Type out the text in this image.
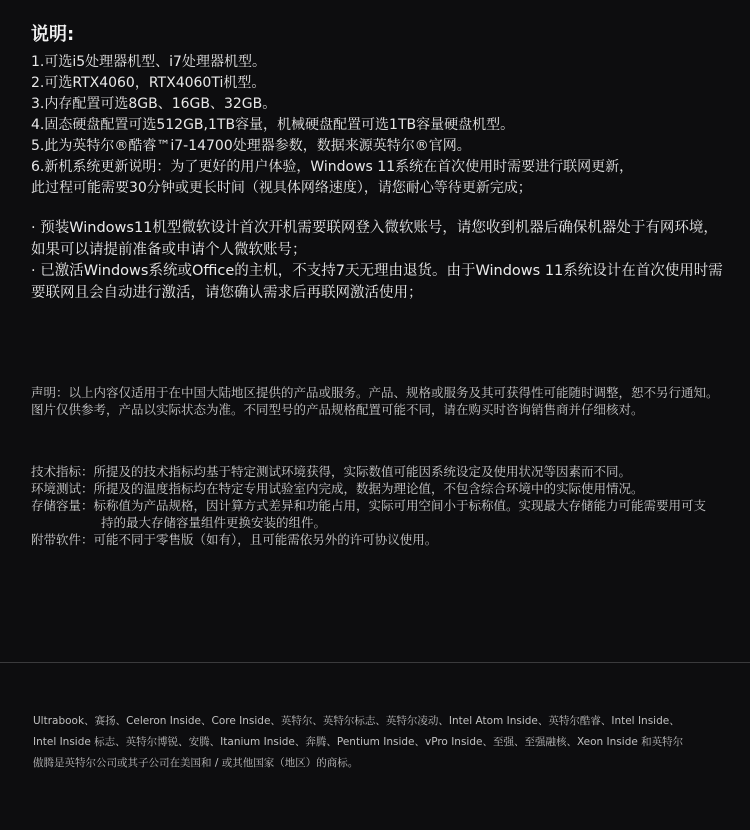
说明:
1.可选i5处理器机型、i7处理器机型。
2.可选RTX4060，RTX4060Ti机型。
3.内存配置可选8GB、16GB、32GB。
4.固态硬盘配置可选512GB,1TB容量，机械硬盘配置可选1TB容量硬盘机型。
5.此为英特尔®酷睿™i7-14700处理器参数，数据来源英特尔®官网。
6.新机系统更新说明：为了更好的用户体验，Windows 11系统在首次使用时需要进行联网更新，
此过程可能需要30分钟或更长时间（视具体网络速度），请您耐心等待更新完成；
· 预装Windows11机型微软设计首次开机需要联网登入微软账号，请您收到机器后确保机器处于有网环境，如果可以请提前准备或申请个人微软账号；
· 已激活Windows系统或Office的主机，不支持7天无理由退货。由于Windows 11系统设计在首次使用时需要联网且会自动进行激活，请您确认需求后再联网激活使用；

声明：以上内容仅适用于在中国大陆地区提供的产品或服务。产品、规格或服务及其可获得性可能随时调整，恕不另行通知。图片仅供参考，产品以实际状态为准。不同型号的产品规格配置可能不同，请在购买时咨询销售商并仔细核对。

技术指标：所提及的技术指标均基于特定测试环境获得，实际数值可能因系统设定及使用状况等因素而不同。
环境测试：所提及的温度指标均在特定专用试验室内完成，数据为理论值，不包含综合环境中的实际使用情况。
存储容量：标称值为产品规格，因计算方式差异和功能占用，实际可用空间小于标称值。实现最大存储能力可能需要用可支
持的最大存储容量组件更换安装的组件。
附带软件：可能不同于零售版（如有），且可能需依另外的许可协议使用。

Ultrabook、赛扬、Celeron Inside、Core Inside、英特尔、英特尔标志、英特尔凌动、Intel Atom Inside、英特尔酷睿、Intel Inside、
Intel Inside 标志、英特尔博锐、安腾、Itanium Inside、奔腾、Pentium Inside、vPro Inside、至强、至强融核、Xeon Inside 和英特尔
傲腾是英特尔公司或其子公司在美国和 / 或其他国家（地区）的商标。
